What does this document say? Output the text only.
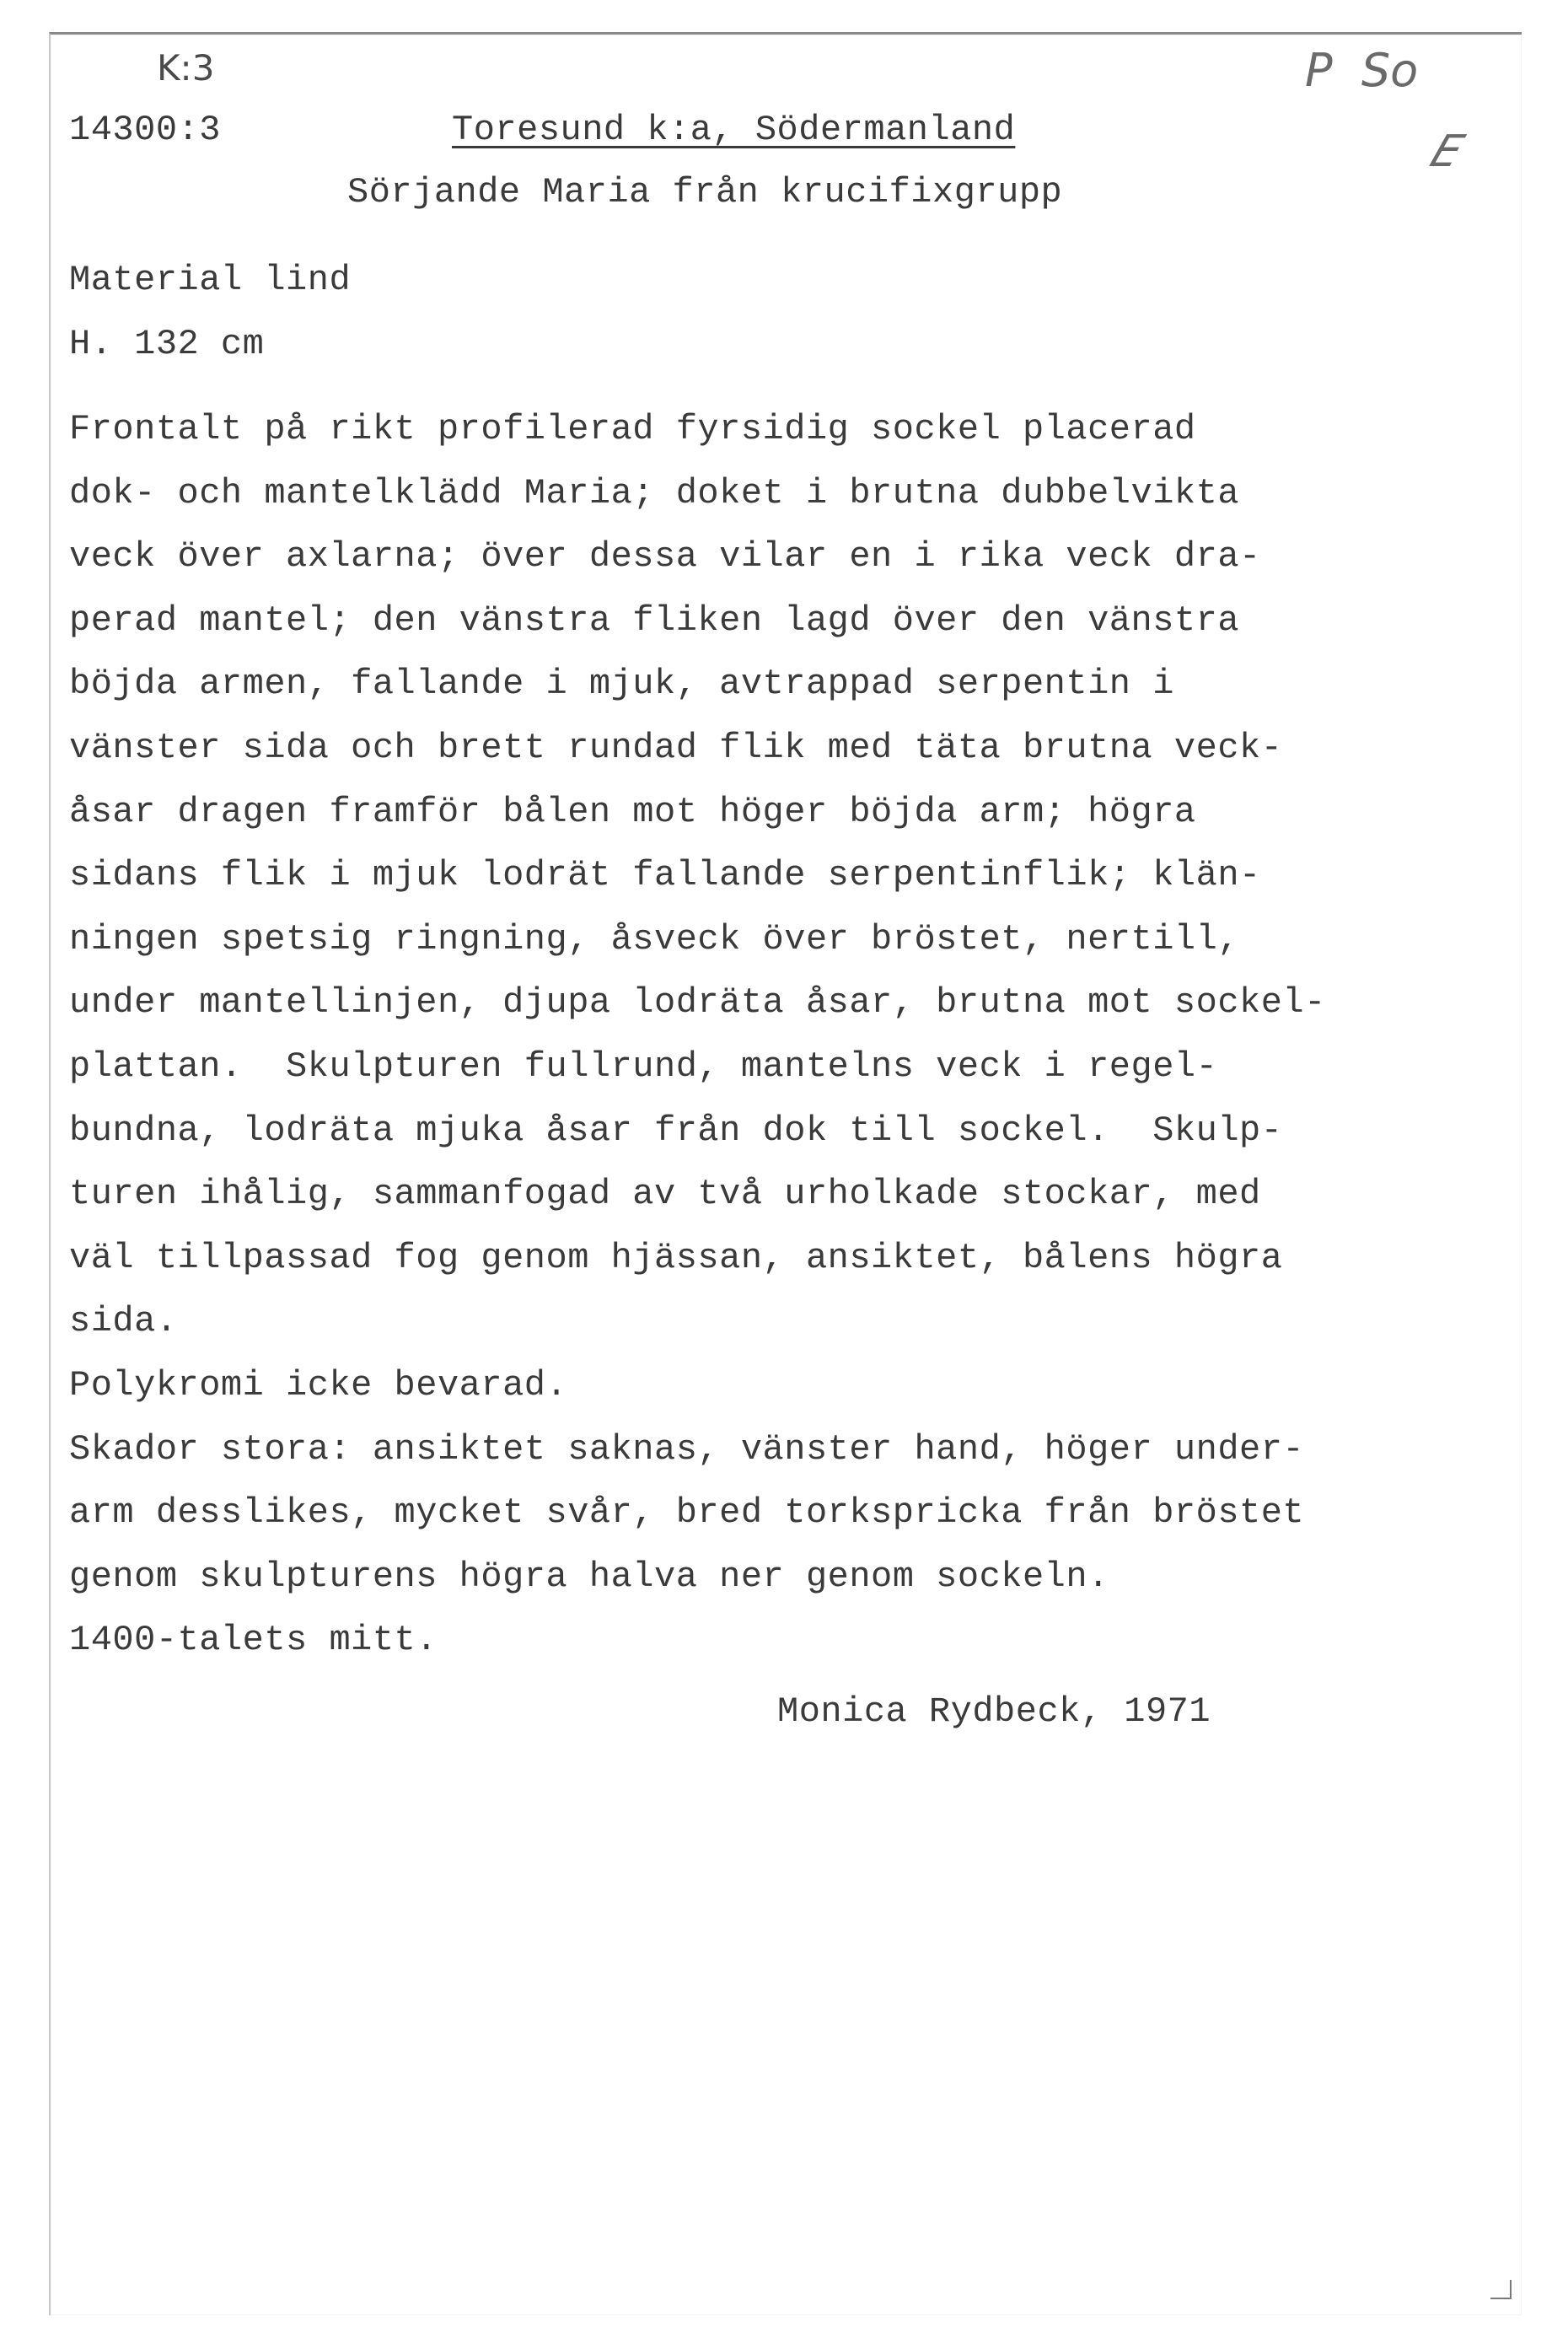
K:3
14300:3	Toresund k:a, Södermanland
Sörjande Maria från krucifixgrupp
P  So
E
Material lind
H. 132 cm
Frontalt på rikt profilerad fyrsidig sockel placerad
dok- och mantelklädd Maria; doket i brutna dubbelvikta
veck över axlarna; över dessa vilar en i rika veck dra-
perad mantel; den vänstra fliken lagd över den vänstra
böjda armen, fallande i mjuk, avtrappad serpentin i
vänster sida och brett rundad flik med täta brutna veck-
åsar dragen framför bålen mot höger böjda arm; högra
sidans flik i mjuk lodrät fallande serpentinflik; klän-
ningen spetsig ringning, åsveck över bröstet, nertill,
under mantellinjen, djupa lodräta åsar, brutna mot sockel-
plattan.  Skulpturen fullrund, mantelns veck i regel-
bundna, lodräta mjuka åsar från dok till sockel.  Skulp-
turen ihålig, sammanfogad av två urholkade stockar, med
väl tillpassad fog genom hjässan, ansiktet, bålens högra
sida.
Polykromi icke bevarad.
Skador stora: ansiktet saknas, vänster hand, höger under-
arm desslikes, mycket svår, bred torkspricka från bröstet
genom skulpturens högra halva ner genom sockeln.
1400-talets mitt.
Monica Rydbeck, 1971
